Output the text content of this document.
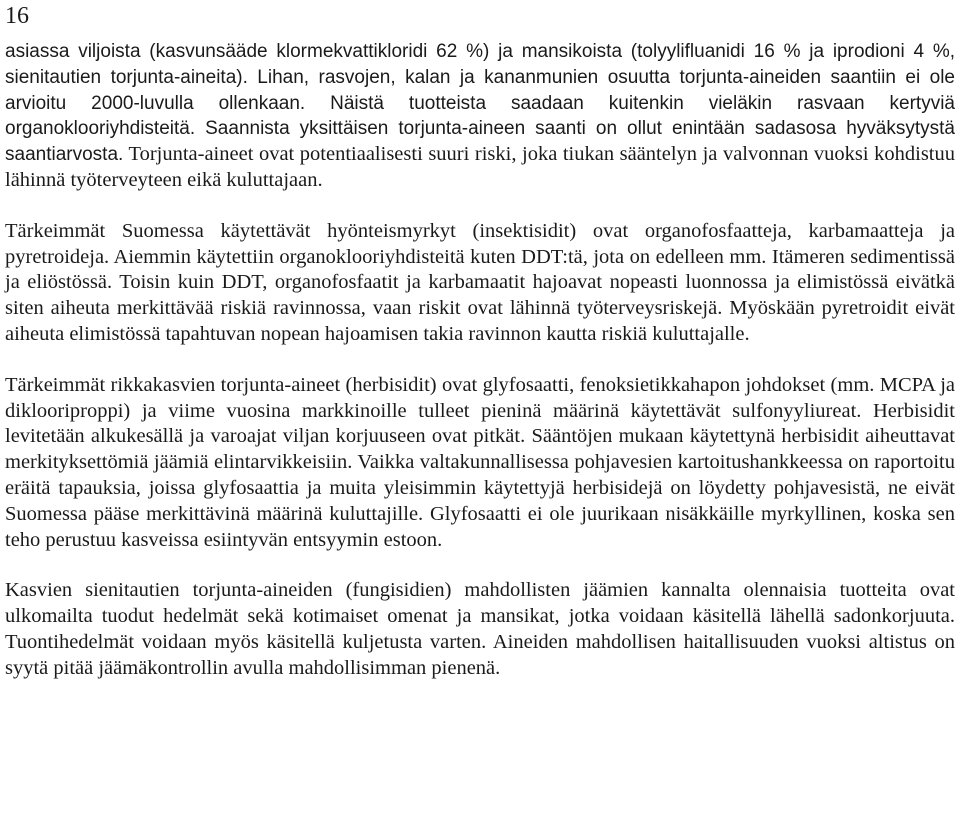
16

asiassa viljoista (kasvunsääde klormekvattikloridi 62 %) ja mansikoista (tolyylifluanidi 16 % ja iprodioni 4 %, sienitautien torjunta-aineita). Lihan, rasvojen, kalan ja kananmunien osuutta torjunta-aineiden saantiin ei ole arvioitu 2000-luvulla ollenkaan. Näistä tuotteista saadaan kuitenkin vieläkin rasvaan kertyviä organoklooriyhdisteitä. Saannista yksittäisen torjunta-aineen saanti on ollut enintään sadasosa hyväksytystä saantiarvosta. Torjunta-aineet ovat potentiaalisesti suuri riski, joka tiukan sääntelyn ja valvonnan vuoksi kohdistuu lähinnä työterveyteen eikä kuluttajaan.

Tärkeimmät Suomessa käytettävät hyönteismyrkyt (insektisidit) ovat organofosfaatteja, karbamaatteja ja pyretroideja. Aiemmin käytettiin organoklooriyhdisteitä kuten DDT:tä, jota on edelleen mm. Itämeren sedimentissä ja eliöstössä. Toisin kuin DDT, organofosfaatit ja karbamaatit hajoavat nopeasti luonnossa ja elimistössä eivätkä siten aiheuta merkittävää riskiä ravinnossa, vaan riskit ovat lähinnä työterveysriskejä. Myöskään pyretroidit eivät aiheuta elimistössä tapahtuvan nopean hajoamisen takia ravinnon kautta riskiä kuluttajalle.

Tärkeimmät rikkakasvien torjunta-aineet (herbisidit) ovat glyfosaatti, fenoksietikkahapon johdokset (mm. MCPA ja diklooriproppi) ja viime vuosina markkinoille tulleet pieninä määrinä käytettävät sulfonyyliureat. Herbisidit levitetään alkukesällä ja varoajat viljan korjuuseen ovat pitkät. Sääntöjen mukaan käytettynä herbisidit aiheuttavat merkityksettömiä jäämiä elintarvikkeisiin. Vaikka valtakunnallisessa pohjavesien kartoitushankkeessa on raportoitu eräitä tapauksia, joissa glyfosaattia ja muita yleisimmin käytettyjä herbisidejä on löydetty pohjavesistä, ne eivät Suomessa pääse merkittävinä määrinä kuluttajille. Glyfosaatti ei ole juurikaan nisäkkäille myrkyllinen, koska sen teho perustuu kasveissa esiintyvän entsyymin estoon.

Kasvien sienitautien torjunta-aineiden (fungisidien) mahdollisten jäämien kannalta olennaisia tuotteita ovat ulkomailta tuodut hedelmät sekä kotimaiset omenat ja mansikat, jotka voidaan käsitellä lähellä sadonkorjuuta. Tuontihedelmät voidaan myös käsitellä kuljetusta varten. Aineiden mahdollisen haitallisuuden vuoksi altistus on syytä pitää jäämäkontrollin avulla mahdollisimman pienenä.
